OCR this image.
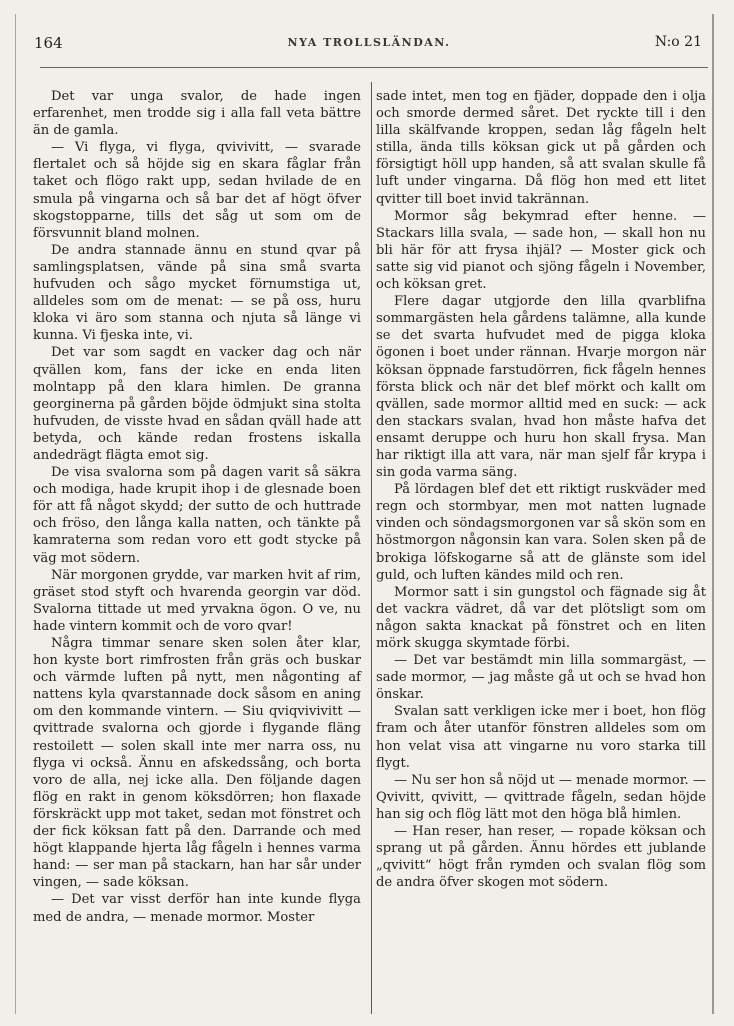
164	NYA TROLLSLÄNDAN.	N:o 21

Det var unga svalor, de hade ingen erfarenhet, men trodde sig i alla fall veta bättre än de gamla.

— Vi flyga, vi flyga, qvivivitt, — svarade flertalet och så höjde sig en skara fåglar från taket och flögo rakt upp, sedan hvilade de en smula på vingarna och så bar det af högt öfver skogstopparne, tills det såg ut som om de försvunnit bland molnen.

De andra stannade ännu en stund qvar på samlingsplatsen, vände på sina små svarta hufvuden och sågo mycket förnumstiga ut, alldeles som om de menat: — se på oss, huru kloka vi äro som stanna och njuta så länge vi kunna. Vi fjeska inte, vi.

Det var som sagdt en vacker dag och när qvällen kom, fans der icke en enda liten molntapp på den klara himlen. De granna georginerna på gården böjde ödmjukt sina stolta hufvuden, de visste hvad en sådan qväll hade att betyda, och kände redan frostens iskalla andedrägt flägta emot sig.

De visa svalorna som på dagen varit så säkra och modiga, hade krupit ihop i de glesnade boen för att få något skydd; der sutto de och huttrade och fröso, den långa kalla natten, och tänkte på kamraterna som redan voro ett godt stycke på väg mot södern.

När morgonen grydde, var marken hvit af rim, gräset stod styft och hvarenda georgin var död. Svalorna tittade ut med yrvakna ögon. O ve, nu hade vintern kommit och de voro qvar!

Några timmar senare sken solen åter klar, hon kyste bort rimfrosten från gräs och buskar och värmde luften på nytt, men någonting af nattens kyla qvarstannade dock såsom en aning om den kommande vintern. — Siu qviqvivivitt — qvittrade svalorna och gjorde i flygande fläng restoilett — solen skall inte mer narra oss, nu flyga vi också. Ännu en afskedssång, och borta voro de alla, nej icke alla. Den följande dagen flög en rakt in genom köksdörren; hon flaxade förskräckt upp mot taket, sedan mot fönstret och der fick köksan fatt på den. Darrande och med högt klappande hjerta låg fågeln i hennes varma hand: — ser man på stackarn, han har sår under vingen, — sade köksan.

— Det var visst derför han inte kunde flyga med de andra, — menade mormor. Moster

sade intet, men tog en fjäder, doppade den i olja och smorde dermed såret. Det ryckte till i den lilla skälfvande kroppen, sedan låg fågeln helt stilla, ända tills köksan gick ut på gården och försigtigt höll upp handen, så att svalan skulle få luft under vingarna. Då flög hon med ett litet qvitter till boet invid takrännan.

Mormor såg bekymrad efter henne. — Stackars lilla svala, — sade hon, — skall hon nu bli här för att frysa ihjäl? — Moster gick och satte sig vid pianot och sjöng fågeln i November, och köksan gret.

Flere dagar utgjorde den lilla qvarblifna sommargästen hela gårdens talämne, alla kunde se det svarta hufvudet med de pigga kloka ögonen i boet under rännan. Hvarje morgon när köksan öppnade farstudörren, fick fågeln hennes första blick och när det blef mörkt och kallt om qvällen, sade mormor alltid med en suck: — ack den stackars svalan, hvad hon måste hafva det ensamt deruppe och huru hon skall frysa. Man har riktigt illa att vara, när man sjelf får krypa i sin goda varma säng.

På lördagen blef det ett riktigt ruskväder med regn och stormbyar, men mot natten lugnade vinden och söndagsmorgonen var så skön som en höstmorgon någonsin kan vara. Solen sken på de brokiga löfskogarne så att de glänste som idel guld, och luften kändes mild och ren.

Mormor satt i sin gungstol och fägnade sig åt det vackra vädret, då var det plötsligt som om någon sakta knackat på fönstret och en liten mörk skugga skymtade förbi.

— Det var bestämdt min lilla sommargäst, — sade mormor, — jag måste gå ut och se hvad hon önskar.

Svalan satt verkligen icke mer i boet, hon flög fram och åter utanför fönstren alldeles som om hon velat visa att vingarne nu voro starka till flygt.

— Nu ser hon så nöjd ut — menade mormor. — Qvivitt, qvivitt, — qvittrade fågeln, sedan höjde han sig och flög lätt mot den höga blå himlen.

— Han reser, han reser, — ropade köksan och sprang ut på gården. Ännu hördes ett jublande „qvivitt“ högt från rymden och svalan flög som de andra öfver skogen mot södern.
